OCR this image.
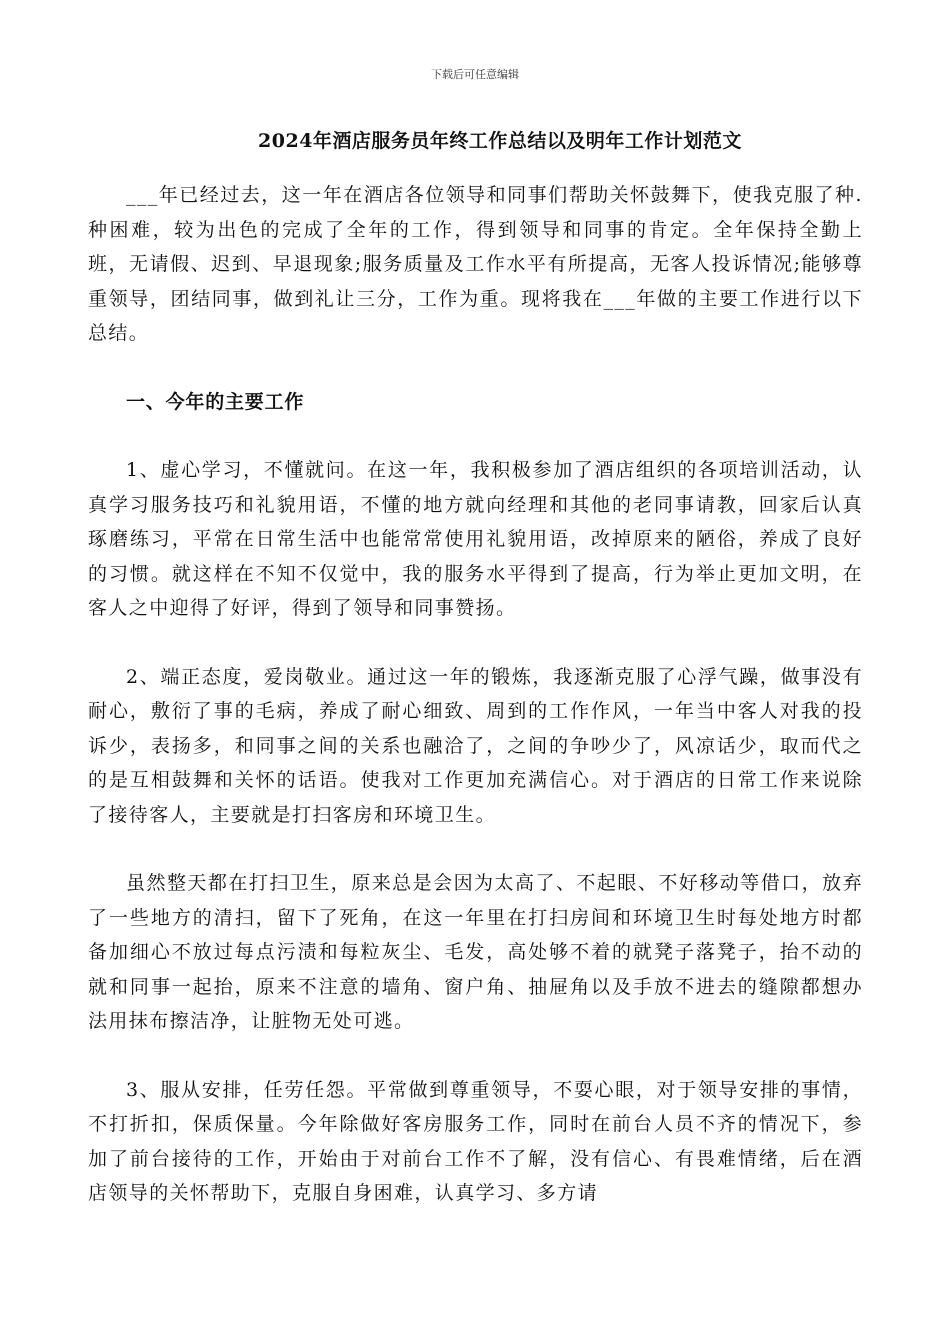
下载后可任意编辑
2024年酒店服务员年终工作总结以及明年工作计划范文

___年已经过去，这一年在酒店各位领导和同事们帮助关怀鼓舞下，使我克服了种.种困难，较为出色的完成了全年的工作，得到领导和同事的肯定。全年保持全勤上班，无请假、迟到、早退现象;服务质量及工作水平有所提高，无客人投诉情况;能够尊重领导，团结同事，做到礼让三分，工作为重。现将我在___年做的主要工作进行以下总结。

一、今年的主要工作

1、虚心学习，不懂就问。在这一年，我积极参加了酒店组织的各项培训活动，认真学习服务技巧和礼貌用语，不懂的地方就向经理和其他的老同事请教，回家后认真琢磨练习，平常在日常生活中也能常常使用礼貌用语，改掉原来的陋俗，养成了良好的习惯。就这样在不知不仅觉中，我的服务水平得到了提高，行为举止更加文明，在客人之中迎得了好评，得到了领导和同事赞扬。

2、端正态度，爱岗敬业。通过这一年的锻炼，我逐渐克服了心浮气躁，做事没有耐心，敷衍了事的毛病，养成了耐心细致、周到的工作作风，一年当中客人对我的投诉少，表扬多，和同事之间的关系也融洽了，之间的争吵少了，风凉话少，取而代之的是互相鼓舞和关怀的话语。使我对工作更加充满信心。对于酒店的日常工作来说除了接待客人，主要就是打扫客房和环境卫生。

虽然整天都在打扫卫生，原来总是会因为太高了、不起眼、不好移动等借口，放弃了一些地方的清扫，留下了死角，在这一年里在打扫房间和环境卫生时每处地方时都备加细心不放过每点污渍和每粒灰尘、毛发，高处够不着的就凳子落凳子，抬不动的就和同事一起抬，原来不注意的墙角、窗户角、抽屉角以及手放不进去的缝隙都想办法用抹布擦洁净，让脏物无处可逃。

3、服从安排，任劳任怨。平常做到尊重领导，不耍心眼，对于领导安排的事情，不打折扣，保质保量。今年除做好客房服务工作，同时在前台人员不齐的情况下，参加了前台接待的工作，开始由于对前台工作不了解，没有信心、有畏难情绪，后在酒店领导的关怀帮助下，克服自身困难，认真学习、多方请
